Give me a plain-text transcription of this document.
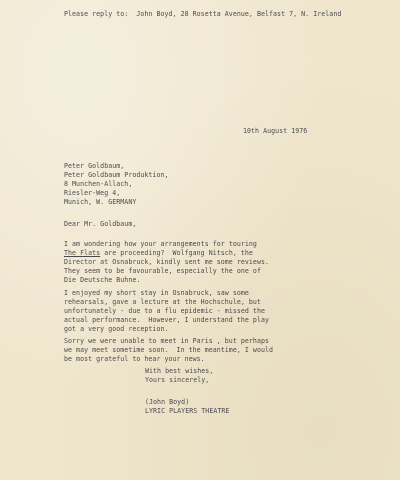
Please reply to:  John Boyd, 28 Rosetta Avenue, Belfast 7, N. Ireland
10th August 1976
Peter Goldbaum,
Peter Goldbaum Produktion,
8 Munchen-Allach,
Riesler-Weg 4,
Munich, W. GERMANY
Dear Mr. Goldbaum,
I am wondering how your arrangements for touring
The Flats are proceeding?  Wolfgang Nitsch, the
Director at Osnabruck, kindly sent me some reviews.
They seem to be favourable, especially the one of
Die Deutsche Buhne.
I enjoyed my short stay in Osnabruck, saw some
rehearsals, gave a lecture at the Hochschule, but
unfortunately - due to a flu epidemic - missed the
actual performance.  However, I understand the play
got a very good reception.
Sorry we were unable to meet in Paris , but perhaps
we may meet sometime soon.  In the meantime, I would
be most grateful to hear your news.
With best wishes,
Yours sincerely,
(John Boyd)
LYRIC PLAYERS THEATRE
